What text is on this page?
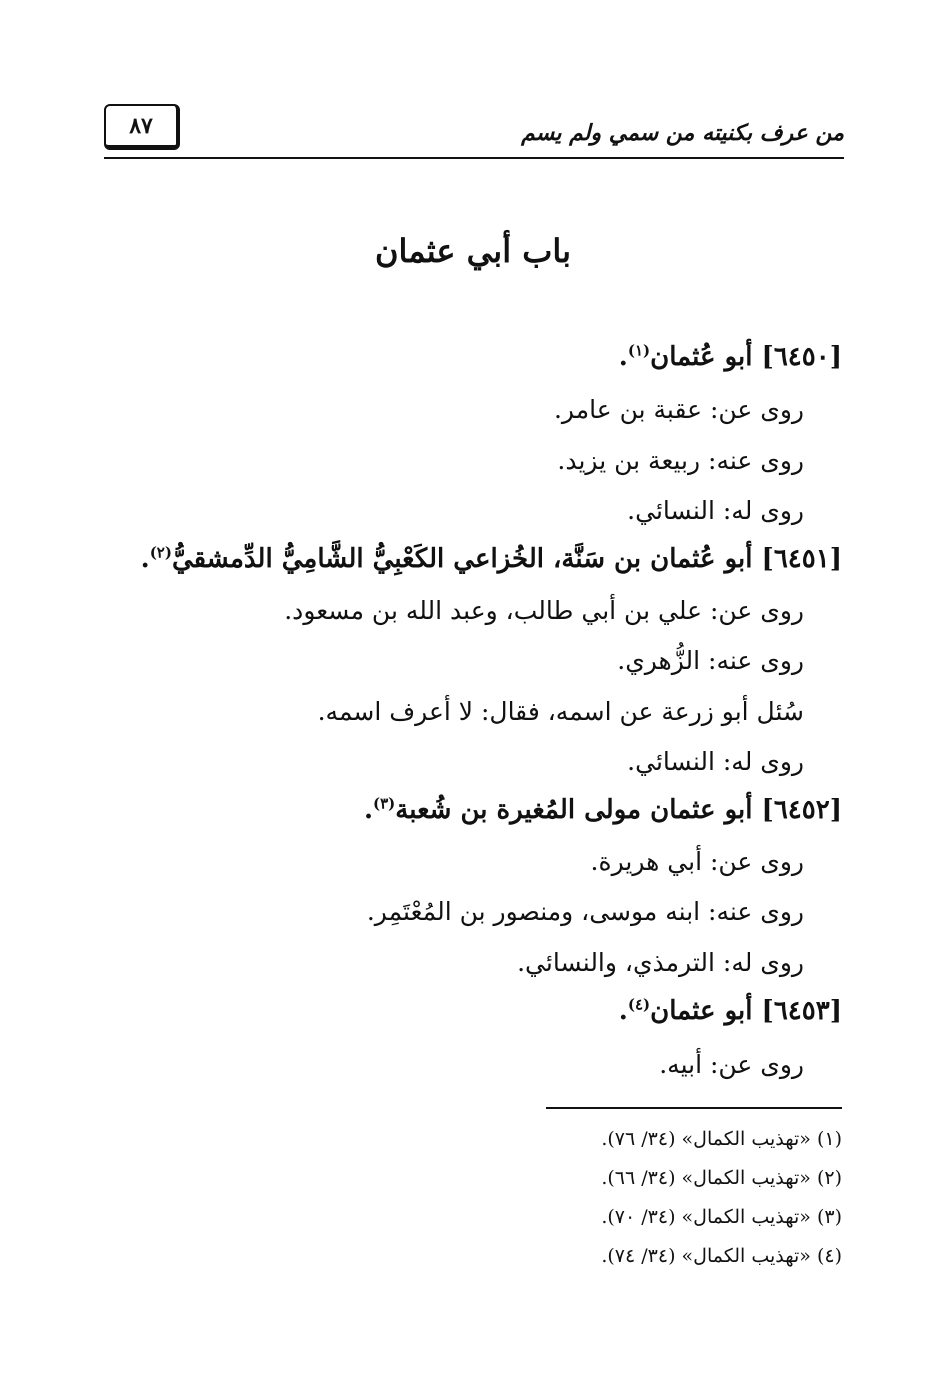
من عرف بكنيته من سمي ولم يسم
٨٧
باب أبي عثمان
[٦٤٥٠] أبو عُثمان$^{(١)}$.
روى عن: عقبة بن عامر.
روى عنه: ربيعة بن يزيد.
روى له: النسائي.
[٦٤٥١] أبو عُثمان بن سَنَّة، الخُزاعي الكَعْبِيُّ الشَّامِيُّ الدِّمشقيُّ$^{(٢)}$.
روى عن: علي بن أبي طالب، وعبد الله بن مسعود.
روى عنه: الزُّهري.
سُئل أبو زرعة عن اسمه، فقال: لا أعرف اسمه.
روى له: النسائي.
[٦٤٥٢] أبو عثمان مولى المُغيرة بن شُعبة$^{(٣)}$.
روى عن: أبي هريرة.
روى عنه: ابنه موسى، ومنصور بن المُعْتَمِر.
روى له: الترمذي، والنسائي.
[٦٤٥٣] أبو عثمان$^{(٤)}$.
روى عن: أبيه.
(١) «تهذيب الكمال» (٣٤/ ٧٦).
(٢) «تهذيب الكمال» (٣٤/ ٦٦).
(٣) «تهذيب الكمال» (٣٤/ ٧٠).
(٤) «تهذيب الكمال» (٣٤/ ٧٤).
